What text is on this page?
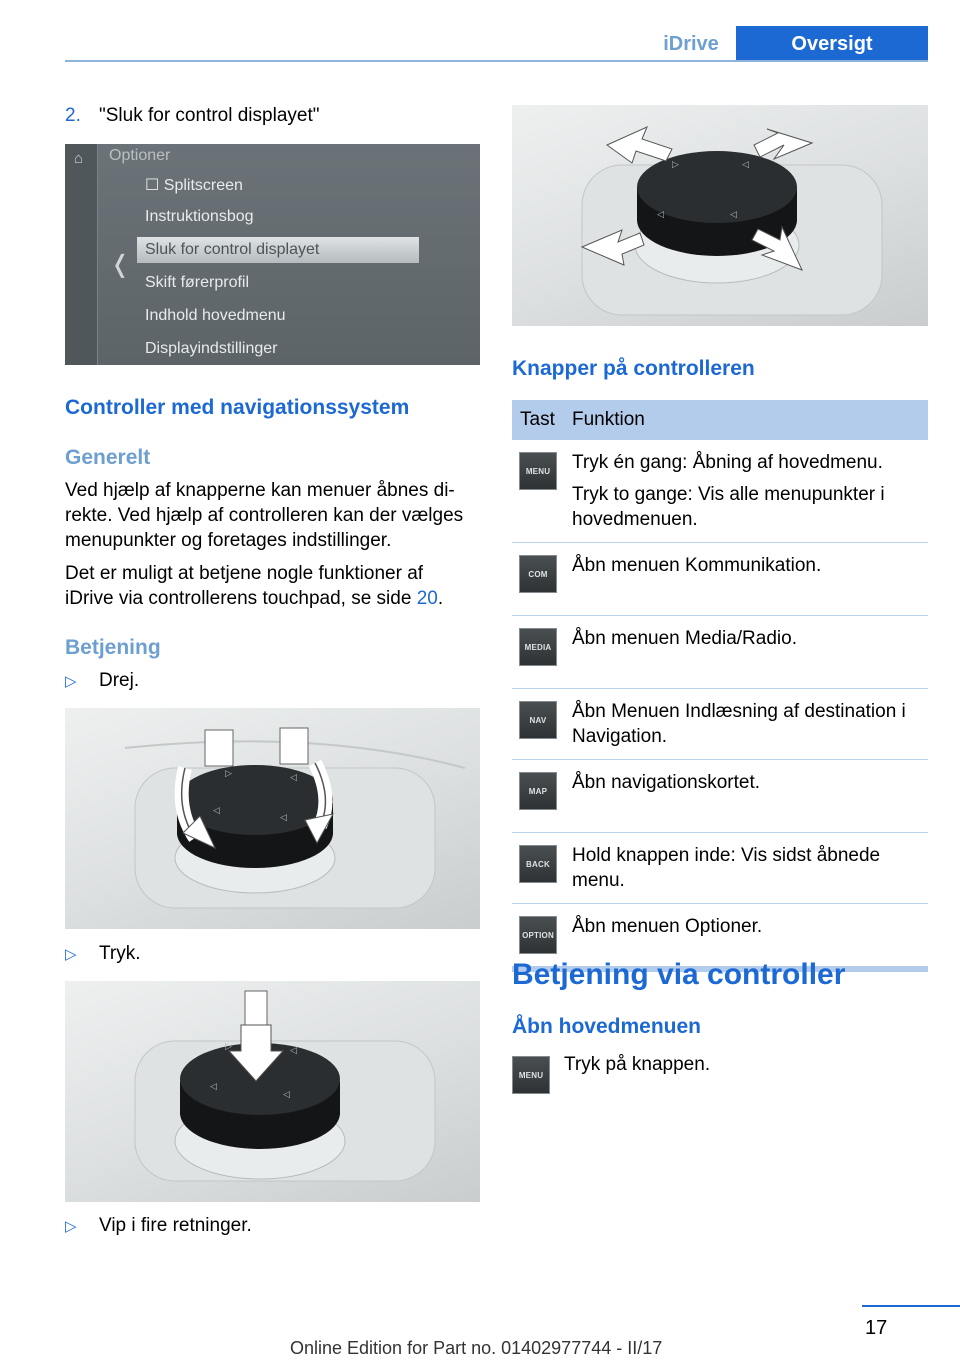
iDrive	Oversigt
2. "Sluk for control displayet"
⌂
❬
Optioner
☐ Splitscreen
Instruktionsbog
Sluk for control displayet
Skift førerprofil
Indhold hovedmenu
Displayindstillinger
Controller med navigationssystem
Generelt
Ved hjælp af knapperne kan menuer åbnes di‐
rekte. Ved hjælp af controlleren kan der vælges
menupunkter og foretages indstillinger.
Det er muligt at betjene nogle funktioner af
iDrive via controllerens touchpad, se side 20.
Betjening
▷ Drej.
▷	◁
◁
◁
▷ Tryk.
▷	◁
◁
◁
▷ Vip i fire retninger.
▷	◁
◁	◁
Knapper på controlleren
Tast Funktion
MENU	Tryk én gang: Åbning af hovedmenu.

Tryk to gange: Vis alle menupunkter i hovedmenuen.

COM	Åbn menuen Kommunikation.

MEDIA Åbn menuen Media/Radio.

NAV	Åbn Menuen Indlæsning af destination i Navigation.

MAP	Åbn navigationskortet.

BACK	Hold knappen inde: Vis sidst åbnede menu.

OPTION Åbn menuen Optioner.

Betjening via controller
Åbn hovedmenuen
MENU	Tryk på knappen.
17
Online Edition for Part no. 01402977744 - II/17
